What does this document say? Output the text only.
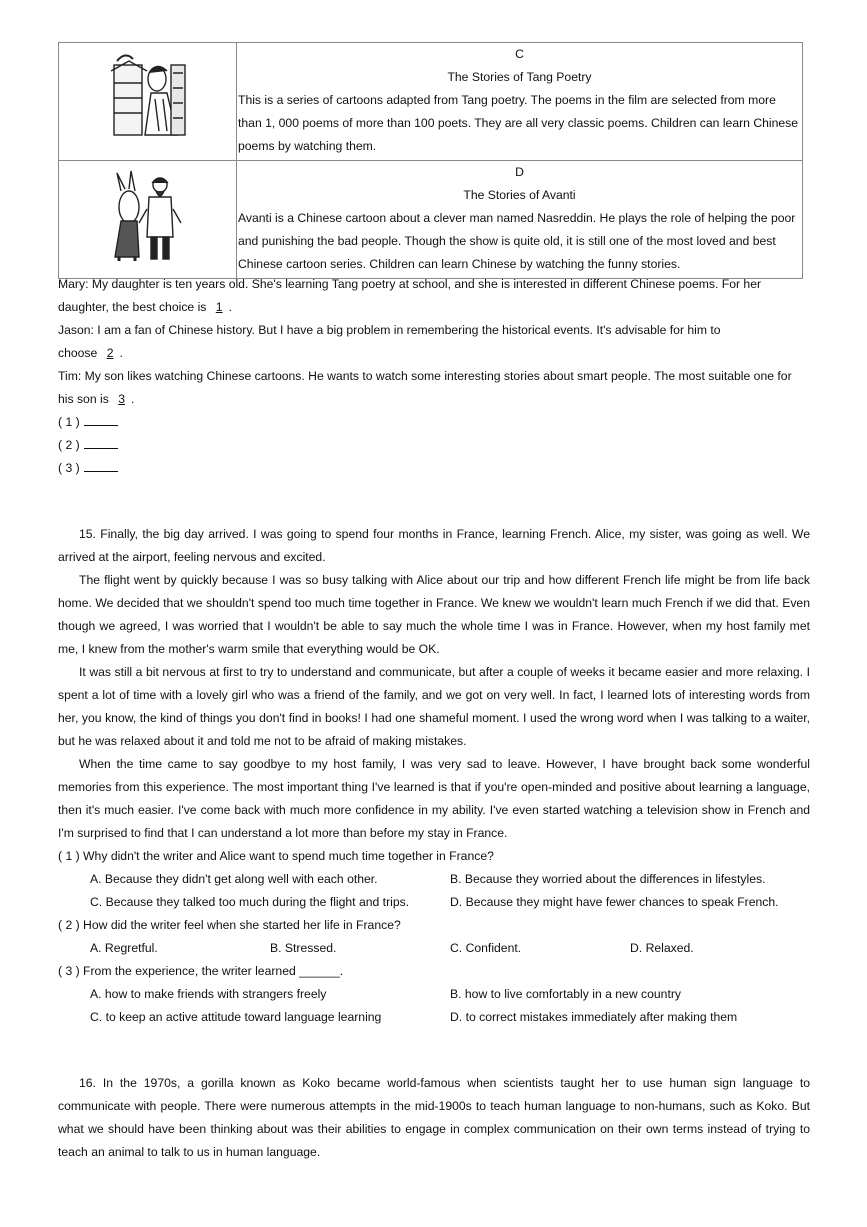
C
The Stories of Tang Poetry
This is a series of cartoons adapted from Tang poetry. The poems in the film are selected from more than 1, 000 poems of more than 100 poets. They are all very classic poems. Children can learn Chinese poems by watching them.

D
The Stories of Avanti
Avanti is a Chinese cartoon about a clever man named Nasreddin. He plays the role of helping the poor and punishing the bad people. Though the show is quite old, it is still one of the most loved and best Chinese cartoon series. Children can learn Chinese by watching the funny stories.
Mary: My daughter is ten years old. She's learning Tang poetry at school, and she is interested in different Chinese poems. For her
daughter, the best choice is 1 .
Jason: I am a fan of Chinese history. But I have a big problem in remembering the historical events. It's advisable for him to
choose 2 .
Tim: My son likes watching Chinese cartoons. He wants to watch some interesting stories about smart people. The most suitable one for
his son is 3 .
( 1 )
( 2 )
( 3 )

15. Finally, the big day arrived. I was going to spend four months in France, learning French. Alice, my sister, was going as well. We arrived at the airport, feeling nervous and excited.

The flight went by quickly because I was so busy talking with Alice about our trip and how different French life might be from life back home. We decided that we shouldn't spend too much time together in France. We knew we wouldn't learn much French if we did that. Even though we agreed, I was worried that I wouldn't be able to say much the whole time I was in France. However, when my host family met me, I knew from the mother's warm smile that everything would be OK.

It was still a bit nervous at first to try to understand and communicate, but after a couple of weeks it became easier and more relaxing. I spent a lot of time with a lovely girl who was a friend of the family, and we got on very well. In fact, I learned lots of interesting words from her, you know, the kind of things you don't find in books! I had one shameful moment. I used the wrong word when I was talking to a waiter, but he was relaxed about it and told me not to be afraid of making mistakes.

When the time came to say goodbye to my host family, I was very sad to leave. However, I have brought back some wonderful memories from this experience. The most important thing I've learned is that if you're open-minded and positive about learning a language, then it's much easier. I've come back with much more confidence in my ability. I've even started watching a television show in French and I'm surprised to find that I can understand a lot more than before my stay in France.

( 1 ) Why didn't the writer and Alice want to spend much time together in France?
A. Because they didn't get along well with each other.	B. Because they worried about the differences in lifestyles.
C. Because they talked too much during the flight and trips.	D. Because they might have fewer chances to speak French.
( 2 ) How did the writer feel when she started her life in France?
A. Regretful.	B. Stressed.	C. Confident.	D. Relaxed.
( 3 ) From the experience, the writer learned ______.
A. how to make friends with strangers freely	B. how to live comfortably in a new country
C. to keep an active attitude toward language learning	D. to correct mistakes immediately after making them

16. In the 1970s, a gorilla known as Koko became world-famous when scientists taught her to use human sign language to communicate with people. There were numerous attempts in the mid-1900s to teach human language to non-humans, such as Koko. But what we should have been thinking about was their abilities to engage in complex communication on their own terms instead of trying to teach an animal to talk to us in human language.
